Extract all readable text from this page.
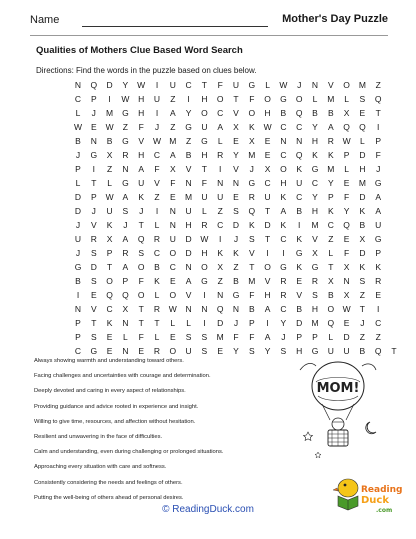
Name	Mother's Day Puzzle
Qualities of Mothers Clue Based Word Search
Directions: Find the words in the puzzle based on clues below.
N	Q	D	Y	W	I	U	C	T	F	U	G	L	W	J	N	V	O	M	Z
C	P	I	W	H	U	Z	I	H	O	T	F	O	G	O	L	M	L	S	Q
L	J	M	G	H	I	A	Y	O	C	V	O	H	B	Q	B	B	X	E	T
W	E	W	Z	F	J	Z	G	U	A	X	K	W	C	C	Y	A	Q	Q	I
B	N	B	G	V	W M	Z	G	L	E	X	E	N	N	H	R	W	L	P
J	G	X	R	H	C	A	B	H	R	Y	M	E	C	Q	K	K	P	D	F
P	I	Z	N	A	F	X	V	T	I	V	J	X	O	K	G	M	L	H	J
L	T	L	G	U	V	F	N	F	N	N	G	C	H	U	C	Y	E	M	G
D	P	W	A	K	Z	E	M	U	U	E	R	U	K	C	Y	P	F	D	A
D	J	U	S	J	I	N	U	L	Z	S	Q	T	A	B	H	K	Y	K	A
J	V	K	J	T	L	N	H	R	C	D	K	D	K	I	M	C	Q	B	U
U	R	X	A	Q	R	U	D	W	I	J	S	T	C	K	V	Z	E	X	G
J	S	P	R	S	C	O	D	H	K	K	V	I	I	G	X	L	F	D	P
G	D	T	A	O	B	C	N	O	X	Z	T	O	G	K	G	T	X	K	K
B	S	O	P	F	K	E	A	G	Z	B	M	V	R	E	R	X	N	S	R
I	E	Q	Q	O	L	O	V	I	N	G	F	H	R	V	S	B	X	Z	E
N	V	C	X	T	R	W	N	N	Q	N	B	A	C	B	H	O W	T	I
P	T	K	N	T	T	L	L	I	D	J	P	I	Y	D	M	Q	E	J	C
P	S	E	L	F	L	E	S	S	M	F	F	A	J	P	P	L	D	Z	Z
C	G	E	N	E	R	O	U	S	E	Y	S	Y	S	H	G	U	U	B	Q	T
Always showing warmth and understanding toward others.
Facing challenges and uncertainties with courage and determination.
Deeply devoted and caring in every aspect of relationships.
Providing guidance and advice rooted in experience and insight.
Willing to give time, resources, and affection without hesitation.
Resilient and unwavering in the face of difficulties.
Calm and understanding, even during challenging or prolonged situations.
Approaching every situation with care and softness.
Consistently considering the needs and feelings of others.
Putting the well-being of others ahead of personal desires.
MOM!
Reading
Duck
.com
© ReadingDuck.com
